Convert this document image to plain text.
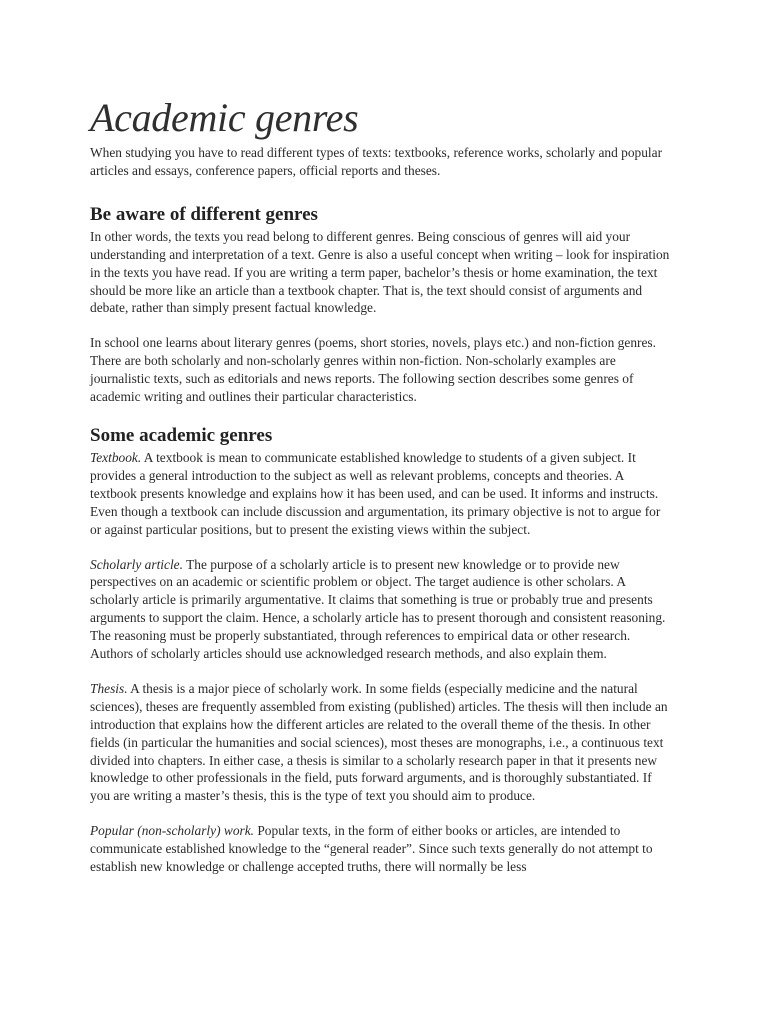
Academic genres

When studying you have to read different types of texts: textbooks, reference works, scholarly and popular articles and essays, conference papers, official reports and theses.

Be aware of different genres

In other words, the texts you read belong to different genres. Being conscious of genres will aid your understanding and interpretation of a text. Genre is also a useful concept when writing – look for inspiration in the texts you have read. If you are writing a term paper, bachelor’s thesis or home examination, the text should be more like an article than a textbook chapter. That is, the text should consist of arguments and debate, rather than simply present factual knowledge.

In school one learns about literary genres (poems, short stories, novels, plays etc.) and non-fiction genres. There are both scholarly and non-scholarly genres within non-fiction. Non-scholarly examples are journalistic texts, such as editorials and news reports. The following section describes some genres of academic writing and outlines their particular characteristics.

Some academic genres

Textbook. A textbook is mean to communicate established knowledge to students of a given subject. It provides a general introduction to the subject as well as relevant problems, concepts and theories. A textbook presents knowledge and explains how it has been used, and can be used. It informs and instructs. Even though a textbook can include discussion and argumentation, its primary objective is not to argue for or against particular positions, but to present the existing views within the subject.

Scholarly article. The purpose of a scholarly article is to present new knowledge or to provide new perspectives on an academic or scientific problem or object. The target audience is other scholars. A scholarly article is primarily argumentative. It claims that something is true or probably true and presents arguments to support the claim. Hence, a scholarly article has to present thorough and consistent reasoning. The reasoning must be properly substantiated, through references to empirical data or other research. Authors of scholarly articles should use acknowledged research methods, and also explain them.

Thesis. A thesis is a major piece of scholarly work. In some fields (especially medicine and the natural sciences), theses are frequently assembled from existing (published) articles. The thesis will then include an introduction that explains how the different articles are related to the overall theme of the thesis. In other fields (in particular the humanities and social sciences), most theses are monographs, i.e., a continuous text divided into chapters. In either case, a thesis is similar to a scholarly research paper in that it presents new knowledge to other professionals in the field, puts forward arguments, and is thoroughly substantiated. If you are writing a master’s thesis, this is the type of text you should aim to produce.

Popular (non-scholarly) work. Popular texts, in the form of either books or articles, are intended to communicate established knowledge to the “general reader”. Since such texts generally do not attempt to establish new knowledge or challenge accepted truths, there will normally be less
